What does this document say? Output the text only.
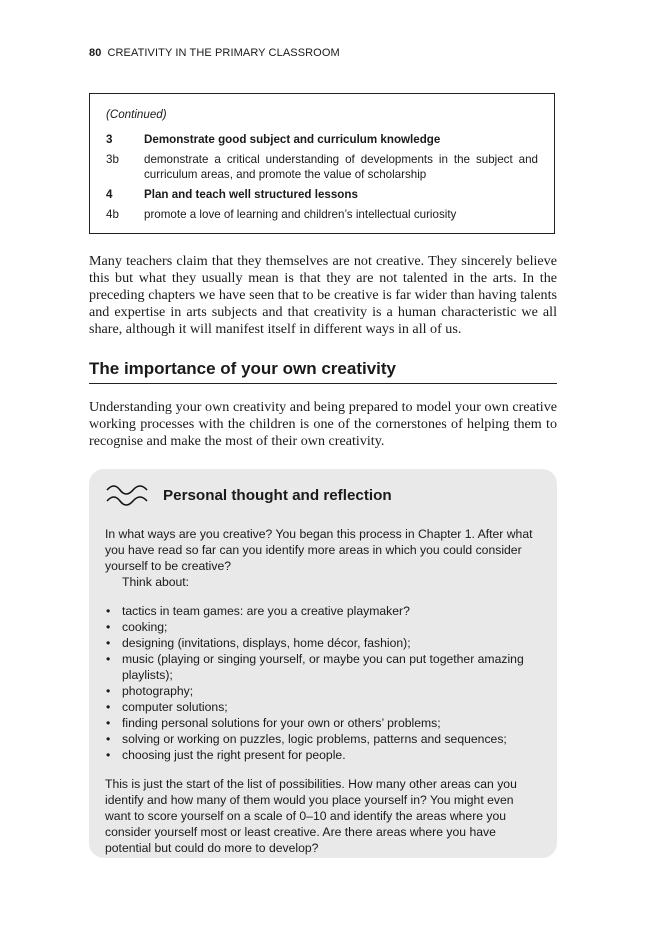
80 CREATIVITY IN THE PRIMARY CLASSROOM
(Continued)
3	Demonstrate good subject and curriculum knowledge
3b	demonstrate a critical understanding of developments in the subject and curriculum areas, and promote the value of scholarship
4	Plan and teach well structured lessons
4b	promote a love of learning and children’s intellectual curiosity
Many teachers claim that they themselves are not creative. They sincerely believe this but what they usually mean is that they are not talented in the arts. In the preceding chapters we have seen that to be creative is far wider than having talents and expertise in arts subjects and that creativity is a human characteristic we all share, although it will manifest itself in different ways in all of us.
The importance of your own creativity
Understanding your own creativity and being prepared to model your own creative working processes with the children is one of the cornerstones of helping them to recognise and make the most of their own creativity.
Personal thought and reflection

In what ways are you creative? You began this process in Chapter 1. After what you have read so far can you identify more areas in which you could consider yourself to be creative?

Think about:

• tactics in team games: are you a creative playmaker?
• cooking;
• designing (invitations, displays, home décor, fashion);
• music (playing or singing yourself, or maybe you can put together amazing playlists);
• photography;
• computer solutions;
• finding personal solutions for your own or others’ problems;
• solving or working on puzzles, logic problems, patterns and sequences;
• choosing just the right present for people.

This is just the start of the list of possibilities. How many other areas can you identify and how many of them would you place yourself in? You might even want to score yourself on a scale of 0–10 and identify the areas where you consider yourself most or least creative. Are there areas where you have potential but could do more to develop?
